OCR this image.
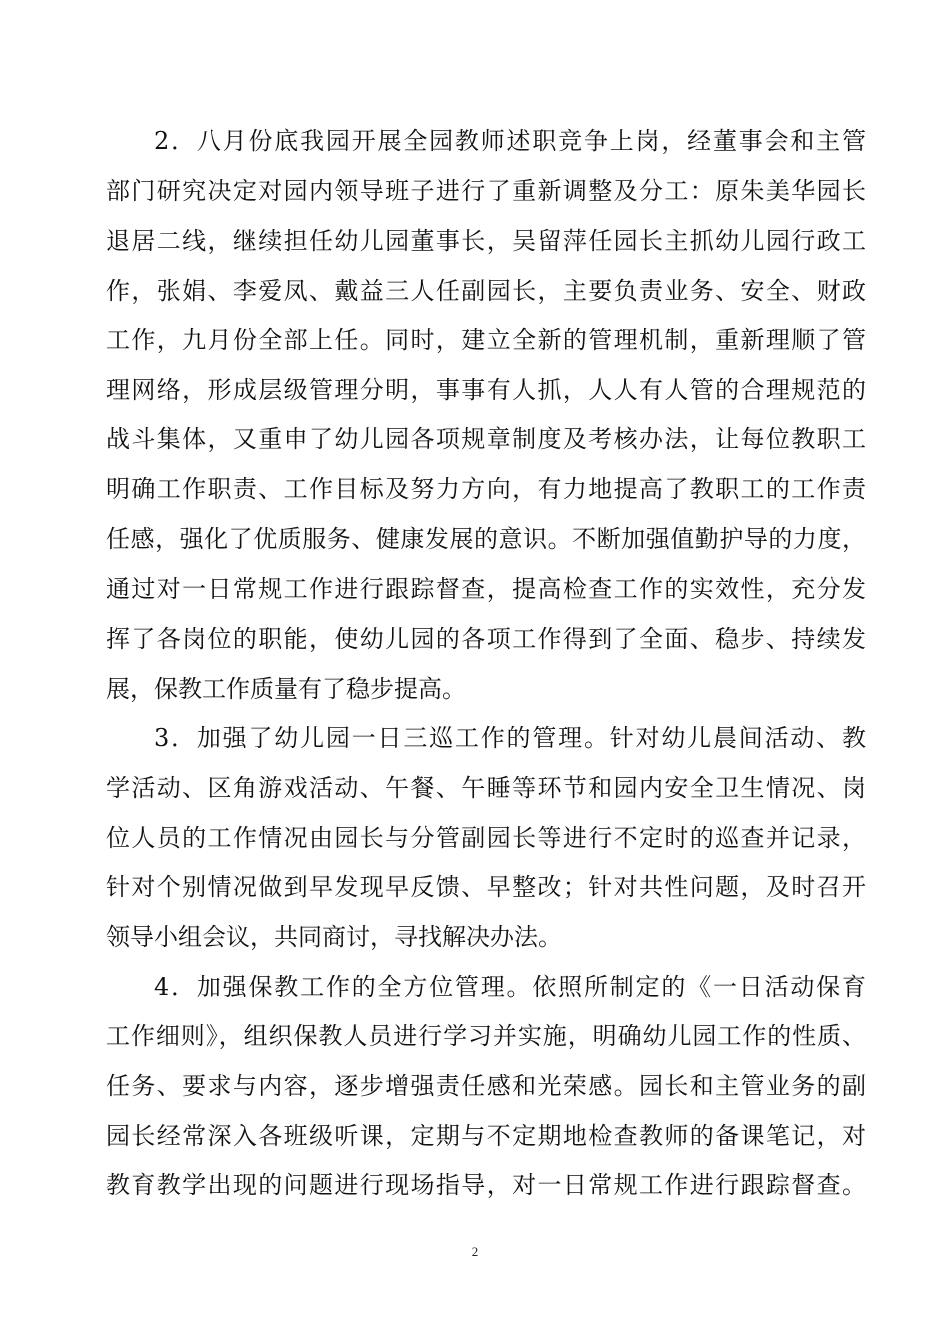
2．八月份底我园开展全园教师述职竞争上岗，经董事会和主管
部门研究决定对园内领导班子进行了重新调整及分工：原朱美华园长
退居二线，继续担任幼儿园董事长，吴留萍任园长主抓幼儿园行政工
作，张娟、李爱凤、戴益三人任副园长，主要负责业务、安全、财政
工作，九月份全部上任。同时，建立全新的管理机制，重新理顺了管
理网络，形成层级管理分明，事事有人抓，人人有人管的合理规范的
战斗集体，又重申了幼儿园各项规章制度及考核办法，让每位教职工
明确工作职责、工作目标及努力方向，有力地提高了教职工的工作责
任感，强化了优质服务、健康发展的意识。不断加强值勤护导的力度，
通过对一日常规工作进行跟踪督查，提高检查工作的实效性，充分发
挥了各岗位的职能，使幼儿园的各项工作得到了全面、稳步、持续发
展，保教工作质量有了稳步提高。
3．加强了幼儿园一日三巡工作的管理。针对幼儿晨间活动、教
学活动、区角游戏活动、午餐、午睡等环节和园内安全卫生情况、岗
位人员的工作情况由园长与分管副园长等进行不定时的巡查并记录，
针对个别情况做到早发现早反馈、早整改；针对共性问题，及时召开
领导小组会议，共同商讨，寻找解决办法。
4．加强保教工作的全方位管理。依照所制定的《一日活动保育
工作细则》，组织保教人员进行学习并实施，明确幼儿园工作的性质、
任务、要求与内容，逐步增强责任感和光荣感。园长和主管业务的副
园长经常深入各班级听课，定期与不定期地检查教师的备课笔记，对
教育教学出现的问题进行现场指导，对一日常规工作进行跟踪督查。
2
